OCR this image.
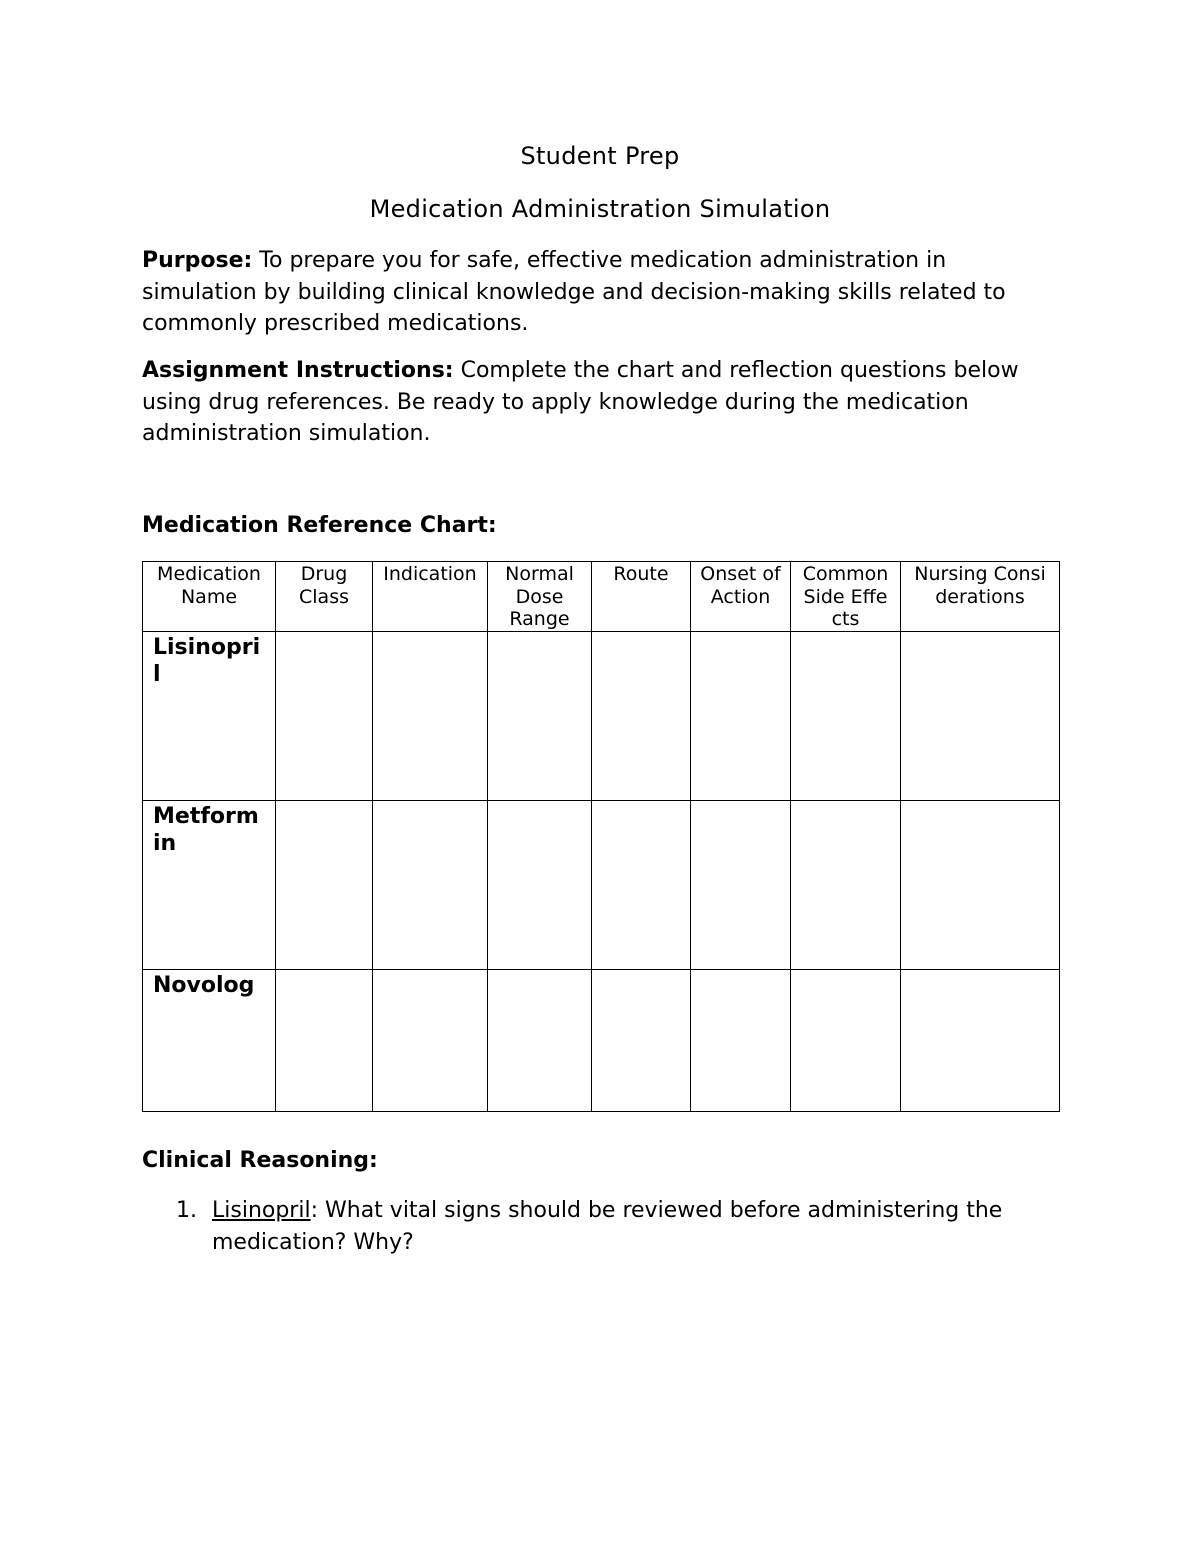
Student Prep
Medication Administration Simulation
Purpose: To prepare you for safe, effective medication administration in simulation by building clinical knowledge and decision-making skills related to commonly prescribed medications.
Assignment Instructions: Complete the chart and reflection questions below using drug references. Be ready to apply knowledge during the medication administration simulation.
Medication Reference Chart:
Medication Name	Drug Class	Indication	Normal Dose Range	Route	Onset of Action	Common Side Effects	Nursing Considerations

Lisinopril							
Metformin							
Novolog							
Clinical Reasoning:
1. Lisinopril: What vital signs should be reviewed before administering the medication? Why?
